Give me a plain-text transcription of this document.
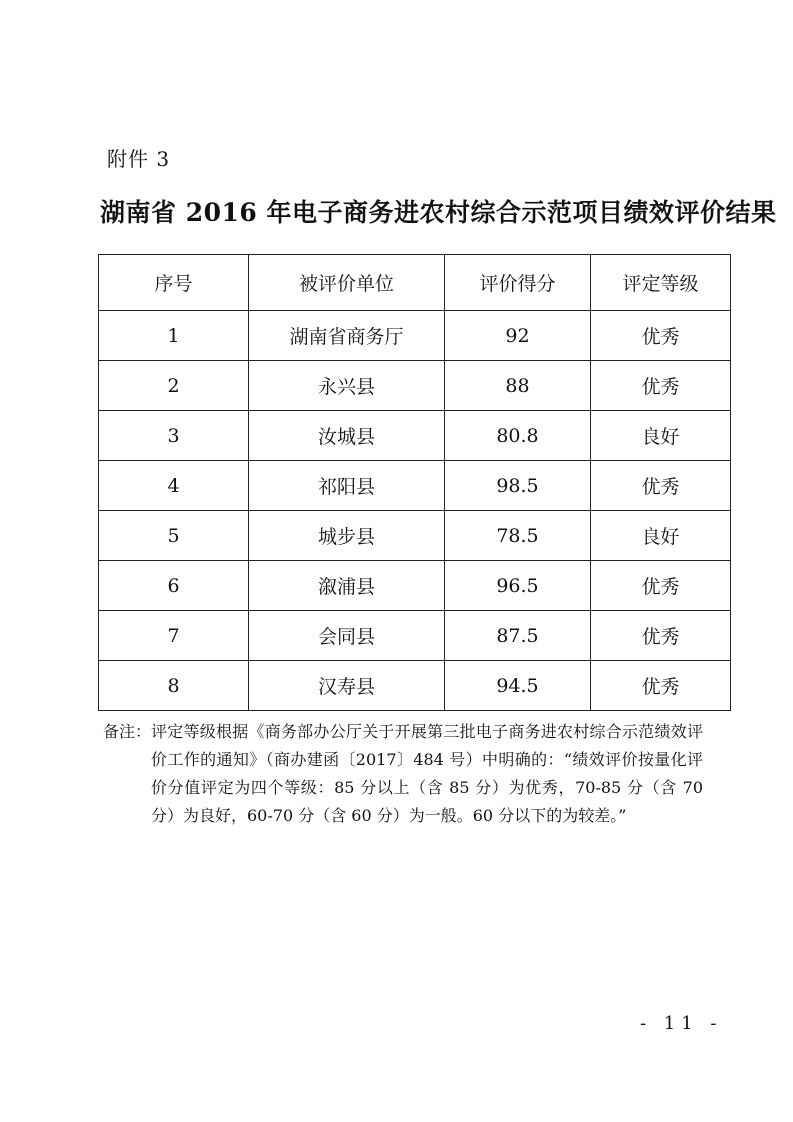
附件 3
湖南省 2016 年电子商务进农村综合示范项目绩效评价结果
序号	被评价单位	评价得分	评定等级
1	湖南省商务厅	92	优秀
2	永兴县	88	优秀
3	汝城县	80.8	良好
4	祁阳县	98.5	优秀
5	城步县	78.5	良好
6	溆浦县	96.5	优秀
7	会同县	87.5	优秀
8	汉寿县	94.5	优秀
备注： 评定等级根据《商务部办公厅关于开展第三批电子商务进农村综合示范绩效评价工作的通知》（商办建函〔2017〕484 号）中明确的：“绩效评价按量化评价分值评定为四个等级：85 分以上（含 85 分）为优秀，70-85 分（含 70 分）为良好，60-70 分（含 60 分）为一般。60 分以下的为较差。”
- 11 -
